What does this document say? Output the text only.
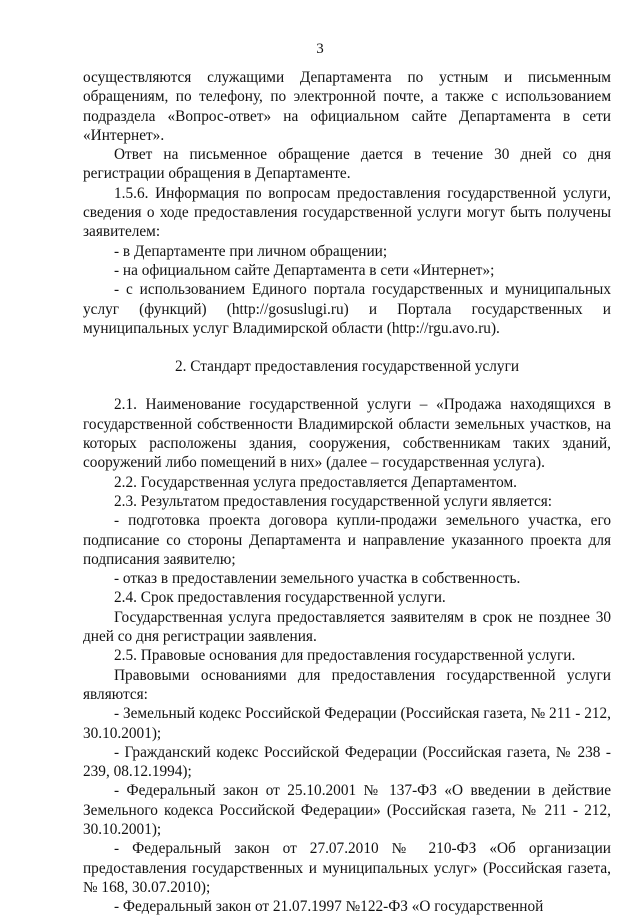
3

осуществляются служащими Департамента по устным и письменным обращениям, по телефону, по электронной почте, а также с использованием подраздела «Вопрос-ответ» на официальном сайте Департамента в сети «Интернет».

Ответ на письменное обращение дается в течение 30 дней со дня регистрации обращения в Департаменте.

1.5.6. Информация по вопросам предоставления государственной услуги, сведения о ходе предоставления государственной услуги могут быть получены заявителем:

- в Департаменте при личном обращении;

- на официальном сайте Департамента в сети «Интернет»;

- с использованием Единого портала государственных и муниципальных услуг (функций) (http://gosuslugi.ru) и Портала государственных и муниципальных услуг Владимирской области (http://rgu.avo.ru).

2. Стандарт предоставления государственной услуги

2.1. Наименование государственной услуги – «Продажа находящихся в государственной собственности Владимирской области земельных участков, на которых расположены здания, сооружения, собственникам таких зданий, сооружений либо помещений в них» (далее – государственная услуга).

2.2. Государственная услуга предоставляется Департаментом.

2.3. Результатом предоставления государственной услуги является:

- подготовка проекта договора купли-продажи земельного участка, его подписание со стороны Департамента и направление указанного проекта для подписания заявителю;

- отказ в предоставлении земельного участка в собственность.

2.4. Срок предоставления государственной услуги.

Государственная услуга предоставляется заявителям в срок не позднее 30 дней со дня регистрации заявления.

2.5. Правовые основания для предоставления государственной услуги.

Правовыми основаниями для предоставления государственной услуги являются:

- Земельный кодекс Российской Федерации (Российская газета, № 211 - 212, 30.10.2001);

- Гражданский кодекс Российской Федерации (Российская газета, № 238 - 239, 08.12.1994);

- Федеральный закон от 25.10.2001 № 137-ФЗ «О введении в действие Земельного кодекса Российской Федерации» (Российская газета, № 211 - 212, 30.10.2001);

- Федеральный закон от 27.07.2010 № 210-ФЗ «Об организации предоставления государственных и муниципальных услуг» (Российская газета, № 168, 30.07.2010);

- Федеральный закон от 21.07.1997 №122-ФЗ «О государственной
